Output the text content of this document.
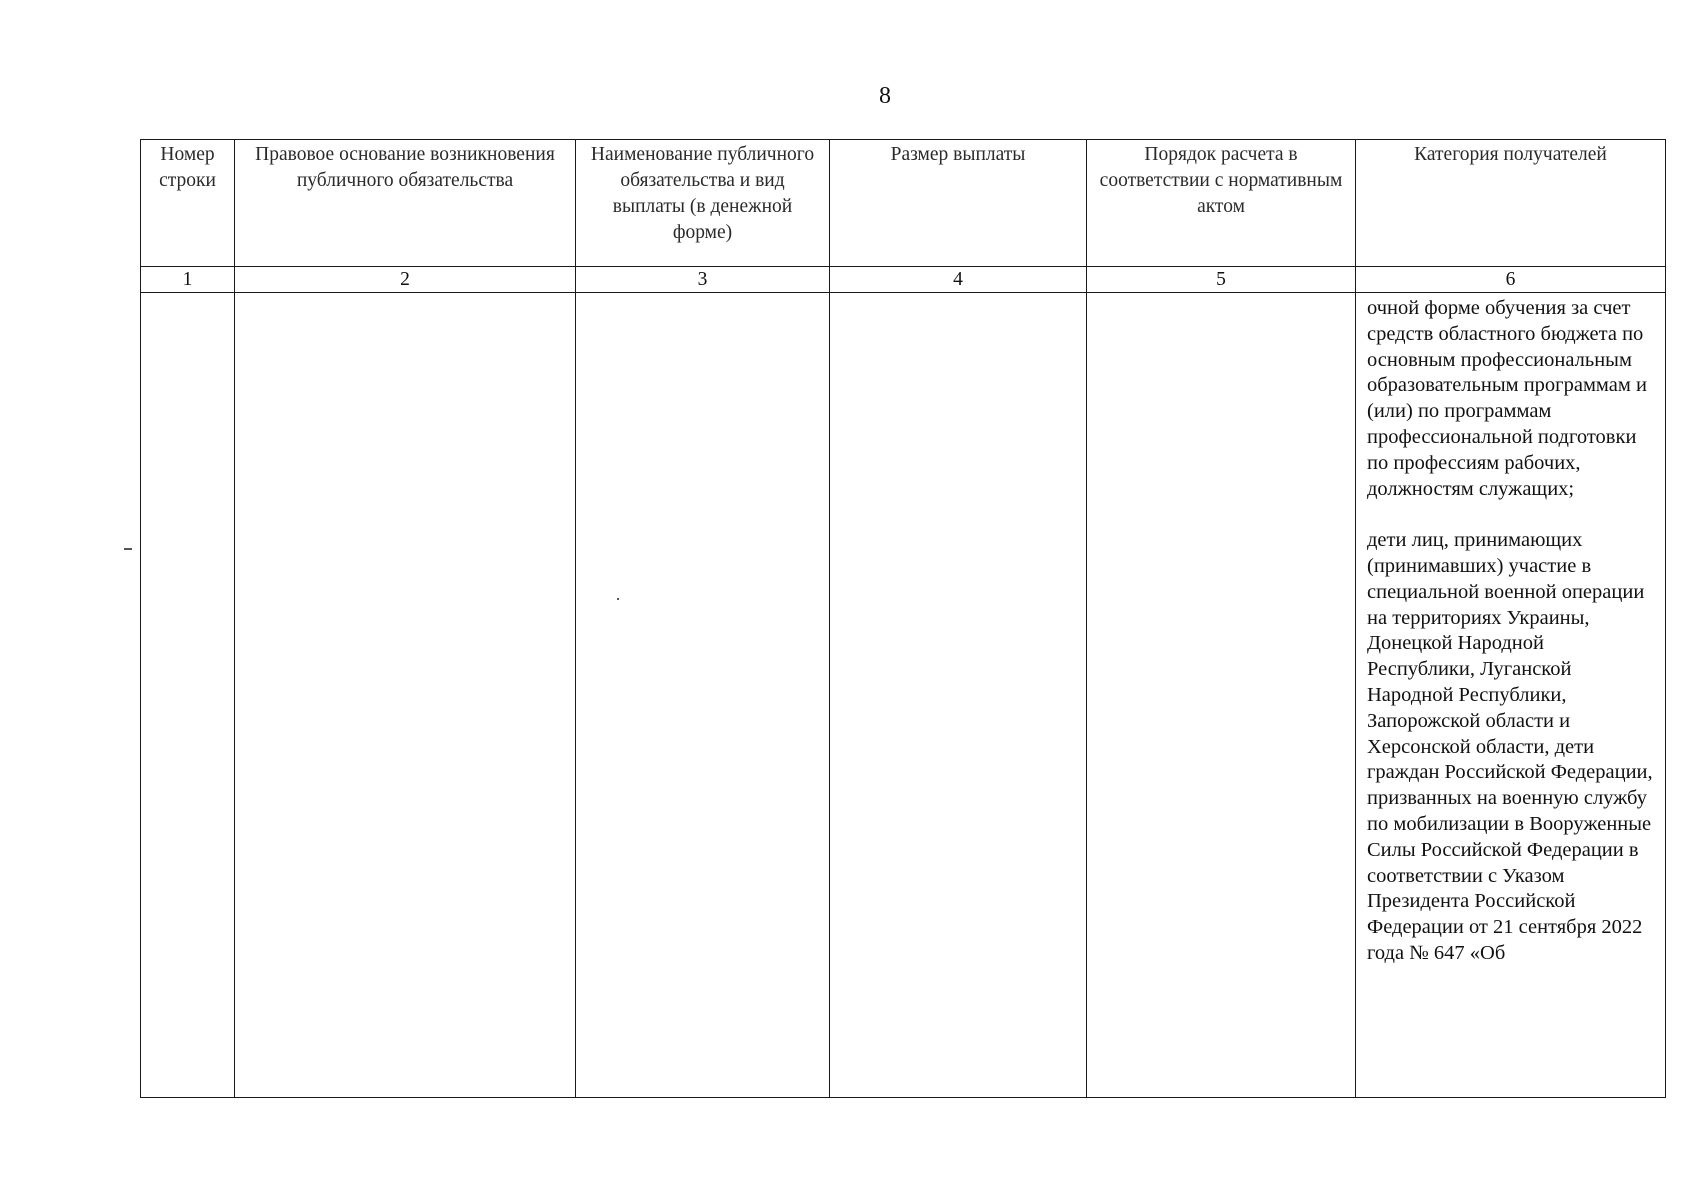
8
Номер строки	Правовое основание возникновения публичного обязательства	Наименование публичного обязательства и вид выплаты (в денежной форме)	Размер выплаты	Порядок расчета в соответствии с нормативным актом	Категория получателей
1	2	3	4	5	6

					очной форме обучения за счет средств областного бюджета по основным профессиональным образовательным программам и (или) по программам профессиональной подготовки по профессиям рабочих, должностям служащих;

дети лиц, принимающих (принимавших) участие в специальной военной операции на территориях Украины, Донецкой Народной Республики, Луганской Народной Республики, Запорожской области и Херсонской области, дети граждан Российской Федерации, призванных на военную службу по мобилизации в Вооруженные Силы Российской Федерации в соответствии с Указом Президента Российской Федерации от 21 сентября 2022 года № 647 «Об
